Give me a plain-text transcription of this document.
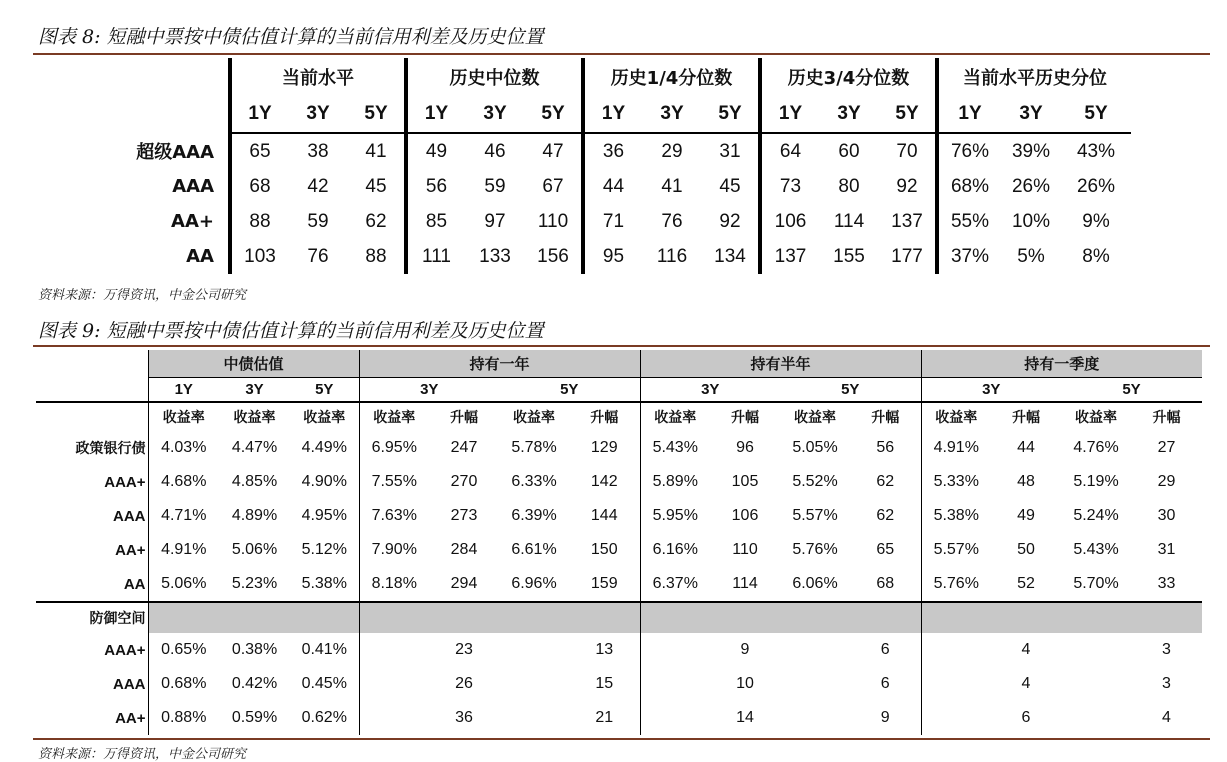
图表 8: 短融中票按中债估值计算的当前信用利差及历史位置
	当前水平			历史中位数			历史1/4分位数			历史3/4分位数			当前水平历史分位		
	1Y	3Y	5Y	1Y	3Y	5Y	1Y	3Y	5Y	1Y	3Y	5Y	1Y	3Y	5Y
超级AAA	65	38	41	49	46	47	36	29	31	64	60	70	76%	39%	43%
AAA	68	42	45	56	59	67	44	41	45	73	80	92	68%	26%	26%
AA+	88	59	62	85	97	110	71	76	92	106	114	137	55%	10%	9%
AA	103	76	88	111	133	156	95	116	134	137	155	177	37%	5%	8%
资料来源：万得资讯，中金公司研究
图表 9: 短融中票按中债估值计算的当前信用利差及历史位置
	中债估值			持有一年				持有半年				持有一季度			
	1Y	3Y	5Y	3Y		5Y		3Y		5Y		3Y		5Y	
	收益率	收益率	收益率	收益率	升幅	收益率	升幅	收益率	升幅	收益率	升幅	收益率	升幅	收益率	升幅
政策银行债	4.03%	4.47%	4.49%	6.95%	247	5.78%	129	5.43%	96	5.05%	56	4.91%	44	4.76%	27
AAA+	4.68%	4.85%	4.90%	7.55%	270	6.33%	142	5.89%	105	5.52%	62	5.33%	48	5.19%	29
AAA	4.71%	4.89%	4.95%	7.63%	273	6.39%	144	5.95%	106	5.57%	62	5.38%	49	5.24%	30
AA+	4.91%	5.06%	5.12%	7.90%	284	6.61%	150	6.16%	110	5.76%	65	5.57%	50	5.43%	31
AA	5.06%	5.23%	5.38%	8.18%	294	6.96%	159	6.37%	114	6.06%	68	5.76%	52	5.70%	33
防御空间															
AAA+	0.65%	0.38%	0.41%		23		13		9		6		4		3
AAA	0.68%	0.42%	0.45%		26		15		10		6		4		3
AA+	0.88%	0.59%	0.62%		36		21		14		9		6		4
资料来源：万得资讯，中金公司研究
